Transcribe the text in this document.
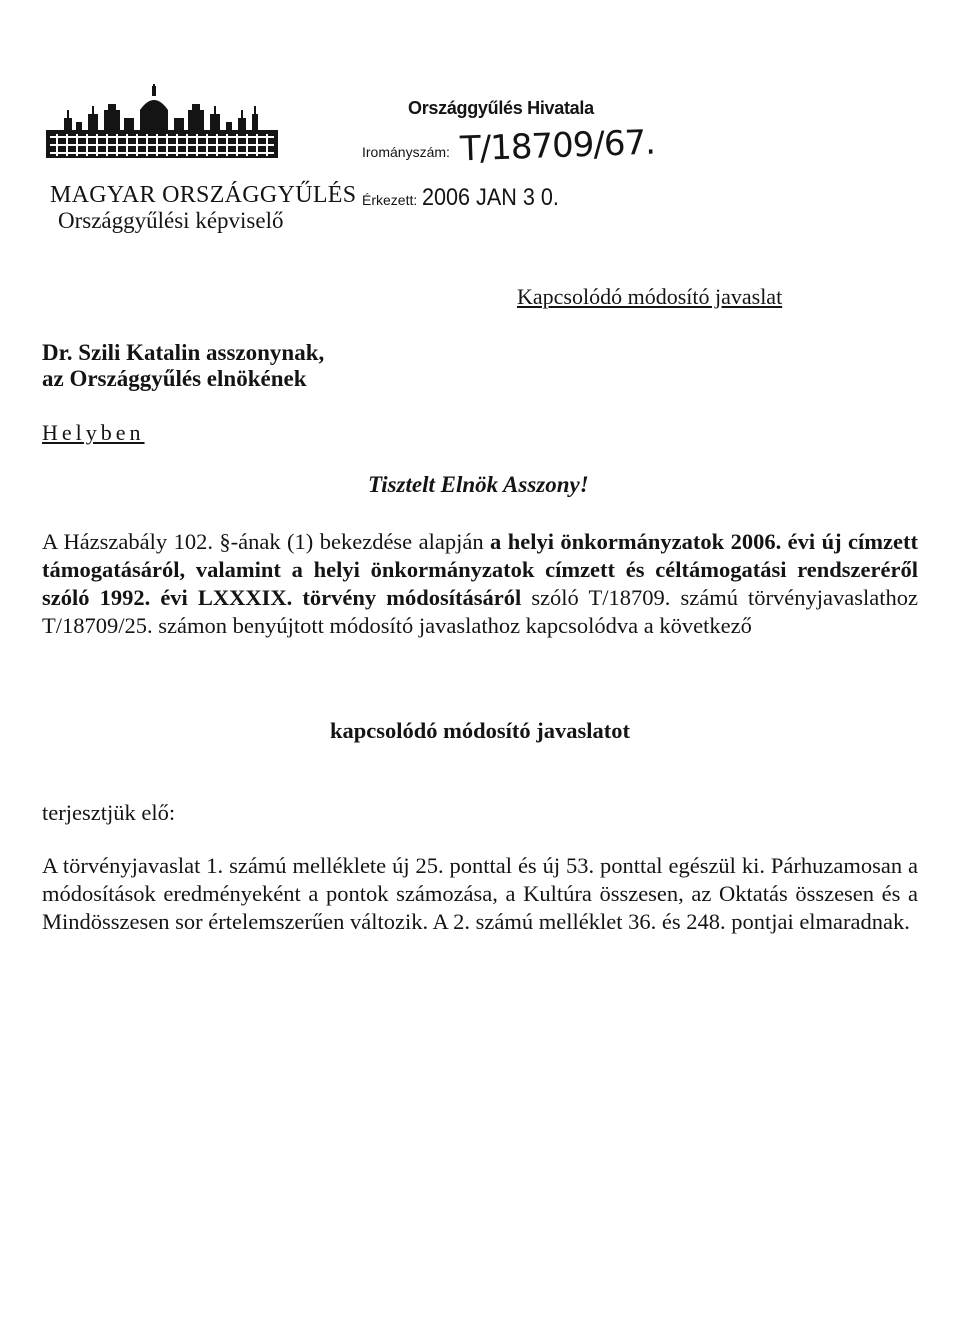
Országgyűlés Hivatala
Irományszám: T/18709/67.
Érkezett: 2006 JAN 3 0.
MAGYAR ORSZÁGGYŰLÉS
Országgyűlési képviselő
Kapcsolódó módosító javaslat
Dr. Szili Katalin asszonynak,
az Országgyűlés elnökének
Helyben
Tisztelt Elnök Asszony!
A Házszabály 102. §-ának (1) bekezdése alapján a helyi önkormányzatok 2006. évi új címzett támogatásáról, valamint a helyi önkormányzatok címzett és céltámogatási rendszeréről szóló 1992. évi LXXXIX. törvény módosításáról szóló T/18709. számú törvényjavaslathoz T/18709/25. számon benyújtott módosító javaslathoz kapcsolódva a következő
kapcsolódó módosító javaslatot
terjesztjük elő:
A törvényjavaslat 1. számú melléklete új 25. ponttal és új 53. ponttal egészül ki. Párhuzamosan a módosítások eredményeként a pontok számozása, a Kultúra összesen, az Oktatás összesen és a Mindösszesen sor értelemszerűen változik. A 2. számú melléklet 36. és 248. pontjai elmaradnak.
